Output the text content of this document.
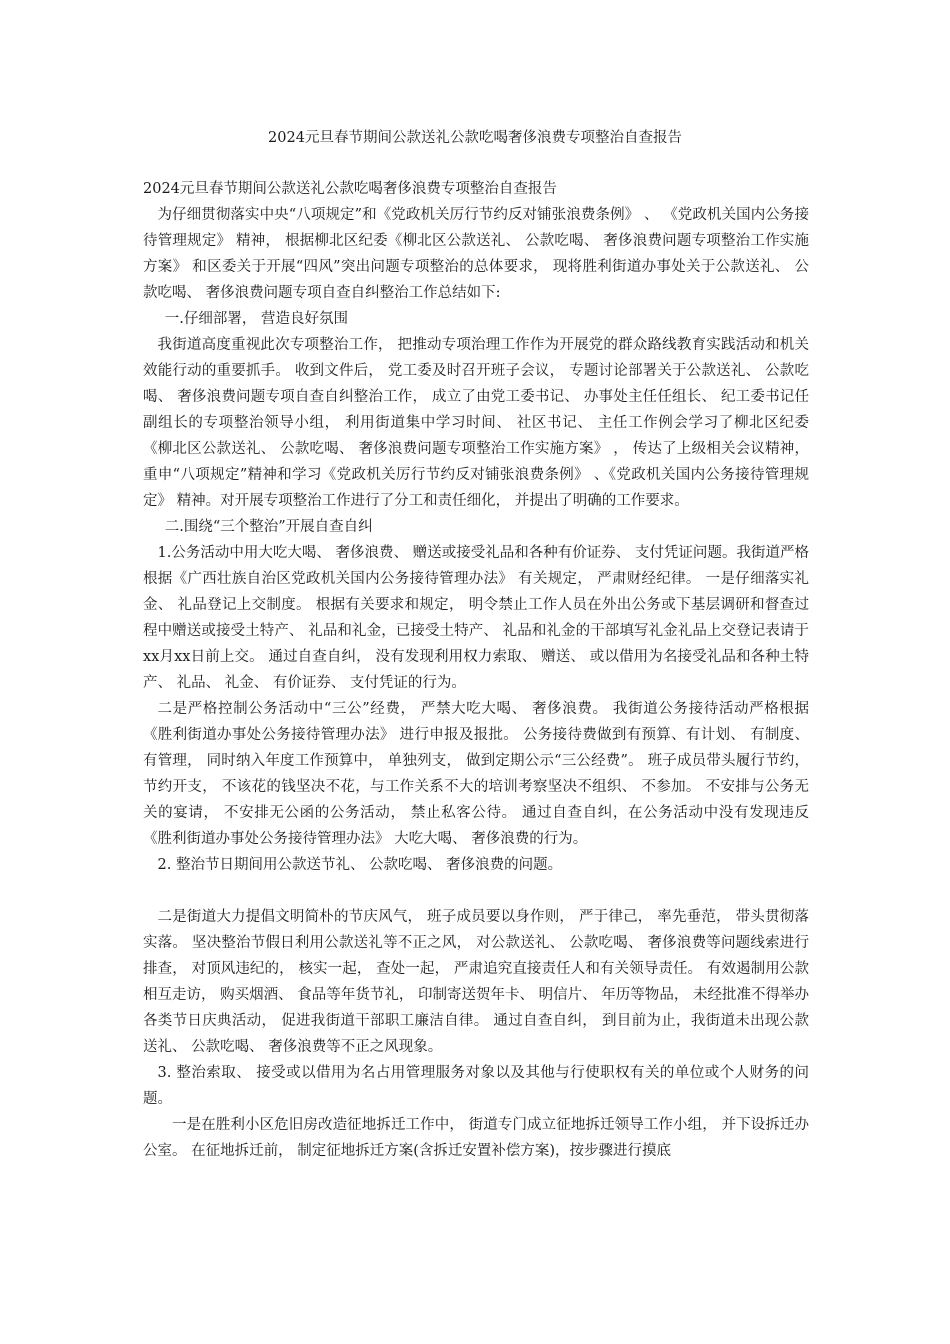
2024元旦春节期间公款送礼公款吃喝奢侈浪费专项整治自查报告

2024元旦春节期间公款送礼公款吃喝奢侈浪费专项整治自查报告

为仔细贯彻落实中央“八项规定”和《党政机关厉行节约反对铺张浪费条例》 、 《党政机关国内公务接待管理规定》 精神， 根据柳北区纪委《柳北区公款送礼、 公款吃喝、 奢侈浪费问题专项整治工作实施方案》 和区委关于开展“四风”突出问题专项整治的总体要求， 现将胜利街道办事处关于公款送礼、 公款吃喝、 奢侈浪费问题专项自查自纠整治工作总结如下:

一.仔细部署， 营造良好氛围

我街道高度重视此次专项整治工作， 把推动专项治理工作作为开展党的群众路线教育实践活动和机关效能行动的重要抓手。 收到文件后， 党工委及时召开班子会议， 专题讨论部署关于公款送礼、 公款吃喝、 奢侈浪费问题专项自查自纠整治工作， 成立了由党工委书记、 办事处主任任组长、 纪工委书记任副组长的专项整治领导小组， 利用街道集中学习时间、 社区书记、 主任工作例会学习了柳北区纪委《柳北区公款送礼、 公款吃喝、 奢侈浪费问题专项整治工作实施方案》 ， 传达了上级相关会议精神， 重申“八项规定”精神和学习《党政机关厉行节约反对铺张浪费条例》 、《党政机关国内公务接待管理规定》 精神。对开展专项整治工作进行了分工和责任细化， 并提出了明确的工作要求。

二.围绕“三个整治”开展自查自纠

1.公务活动中用大吃大喝、 奢侈浪费、 赠送或接受礼品和各种有价证券、 支付凭证问题。我街道严格根据《广西壮族自治区党政机关国内公务接待管理办法》 有关规定， 严肃财经纪律。 一是仔细落实礼金、 礼品登记上交制度。 根据有关要求和规定， 明令禁止工作人员在外出公务或下基层调研和督查过程中赠送或接受土特产、 礼品和礼金，已接受土特产、 礼品和礼金的干部填写礼金礼品上交登记表请于xx月xx日前上交。 通过自查自纠， 没有发现利用权力索取、 赠送、 或以借用为名接受礼品和各种土特产、 礼品、 礼金、 有价证券、 支付凭证的行为。

二是严格控制公务活动中“三公”经费， 严禁大吃大喝、 奢侈浪费。 我街道公务接待活动严格根据《胜利街道办事处公务接待管理办法》 进行申报及报批。 公务接待费做到有预算、有计划、 有制度、有管理， 同时纳入年度工作预算中， 单独列支， 做到定期公示“三公经费”。 班子成员带头履行节约， 节约开支， 不该花的钱坚决不花，与工作关系不大的培训考察坚决不组织、 不参加。 不安排与公务无关的宴请， 不安排无公函的公务活动， 禁止私客公待。 通过自查自纠，在公务活动中没有发现违反《胜利街道办事处公务接待管理办法》 大吃大喝、 奢侈浪费的行为。

2. 整治节日期间用公款送节礼、 公款吃喝、 奢侈浪费的问题。

二是街道大力提倡文明简朴的节庆风气， 班子成员要以身作则， 严于律己， 率先垂范， 带头贯彻落实落。 坚决整治节假日利用公款送礼等不正之风， 对公款送礼、 公款吃喝、 奢侈浪费等问题线索进行排查， 对顶风违纪的， 核实一起， 查处一起， 严肃追究直接责任人和有关领导责任。 有效遏制用公款相互走访， 购买烟酒、 食品等年货节礼， 印制寄送贺年卡、 明信片、 年历等物品， 未经批准不得举办各类节日庆典活动， 促进我街道干部职工廉洁自律。 通过自查自纠， 到目前为止，我街道未出现公款送礼、 公款吃喝、 奢侈浪费等不正之风现象。

3. 整治索取、 接受或以借用为名占用管理服务对象以及其他与行使职权有关的单位或个人财务的问题。

一是在胜利小区危旧房改造征地拆迁工作中， 街道专门成立征地拆迁领导工作小组， 并下设拆迁办公室。 在征地拆迁前， 制定征地拆迁方案(含拆迁安置补偿方案)，按步骤进行摸底
